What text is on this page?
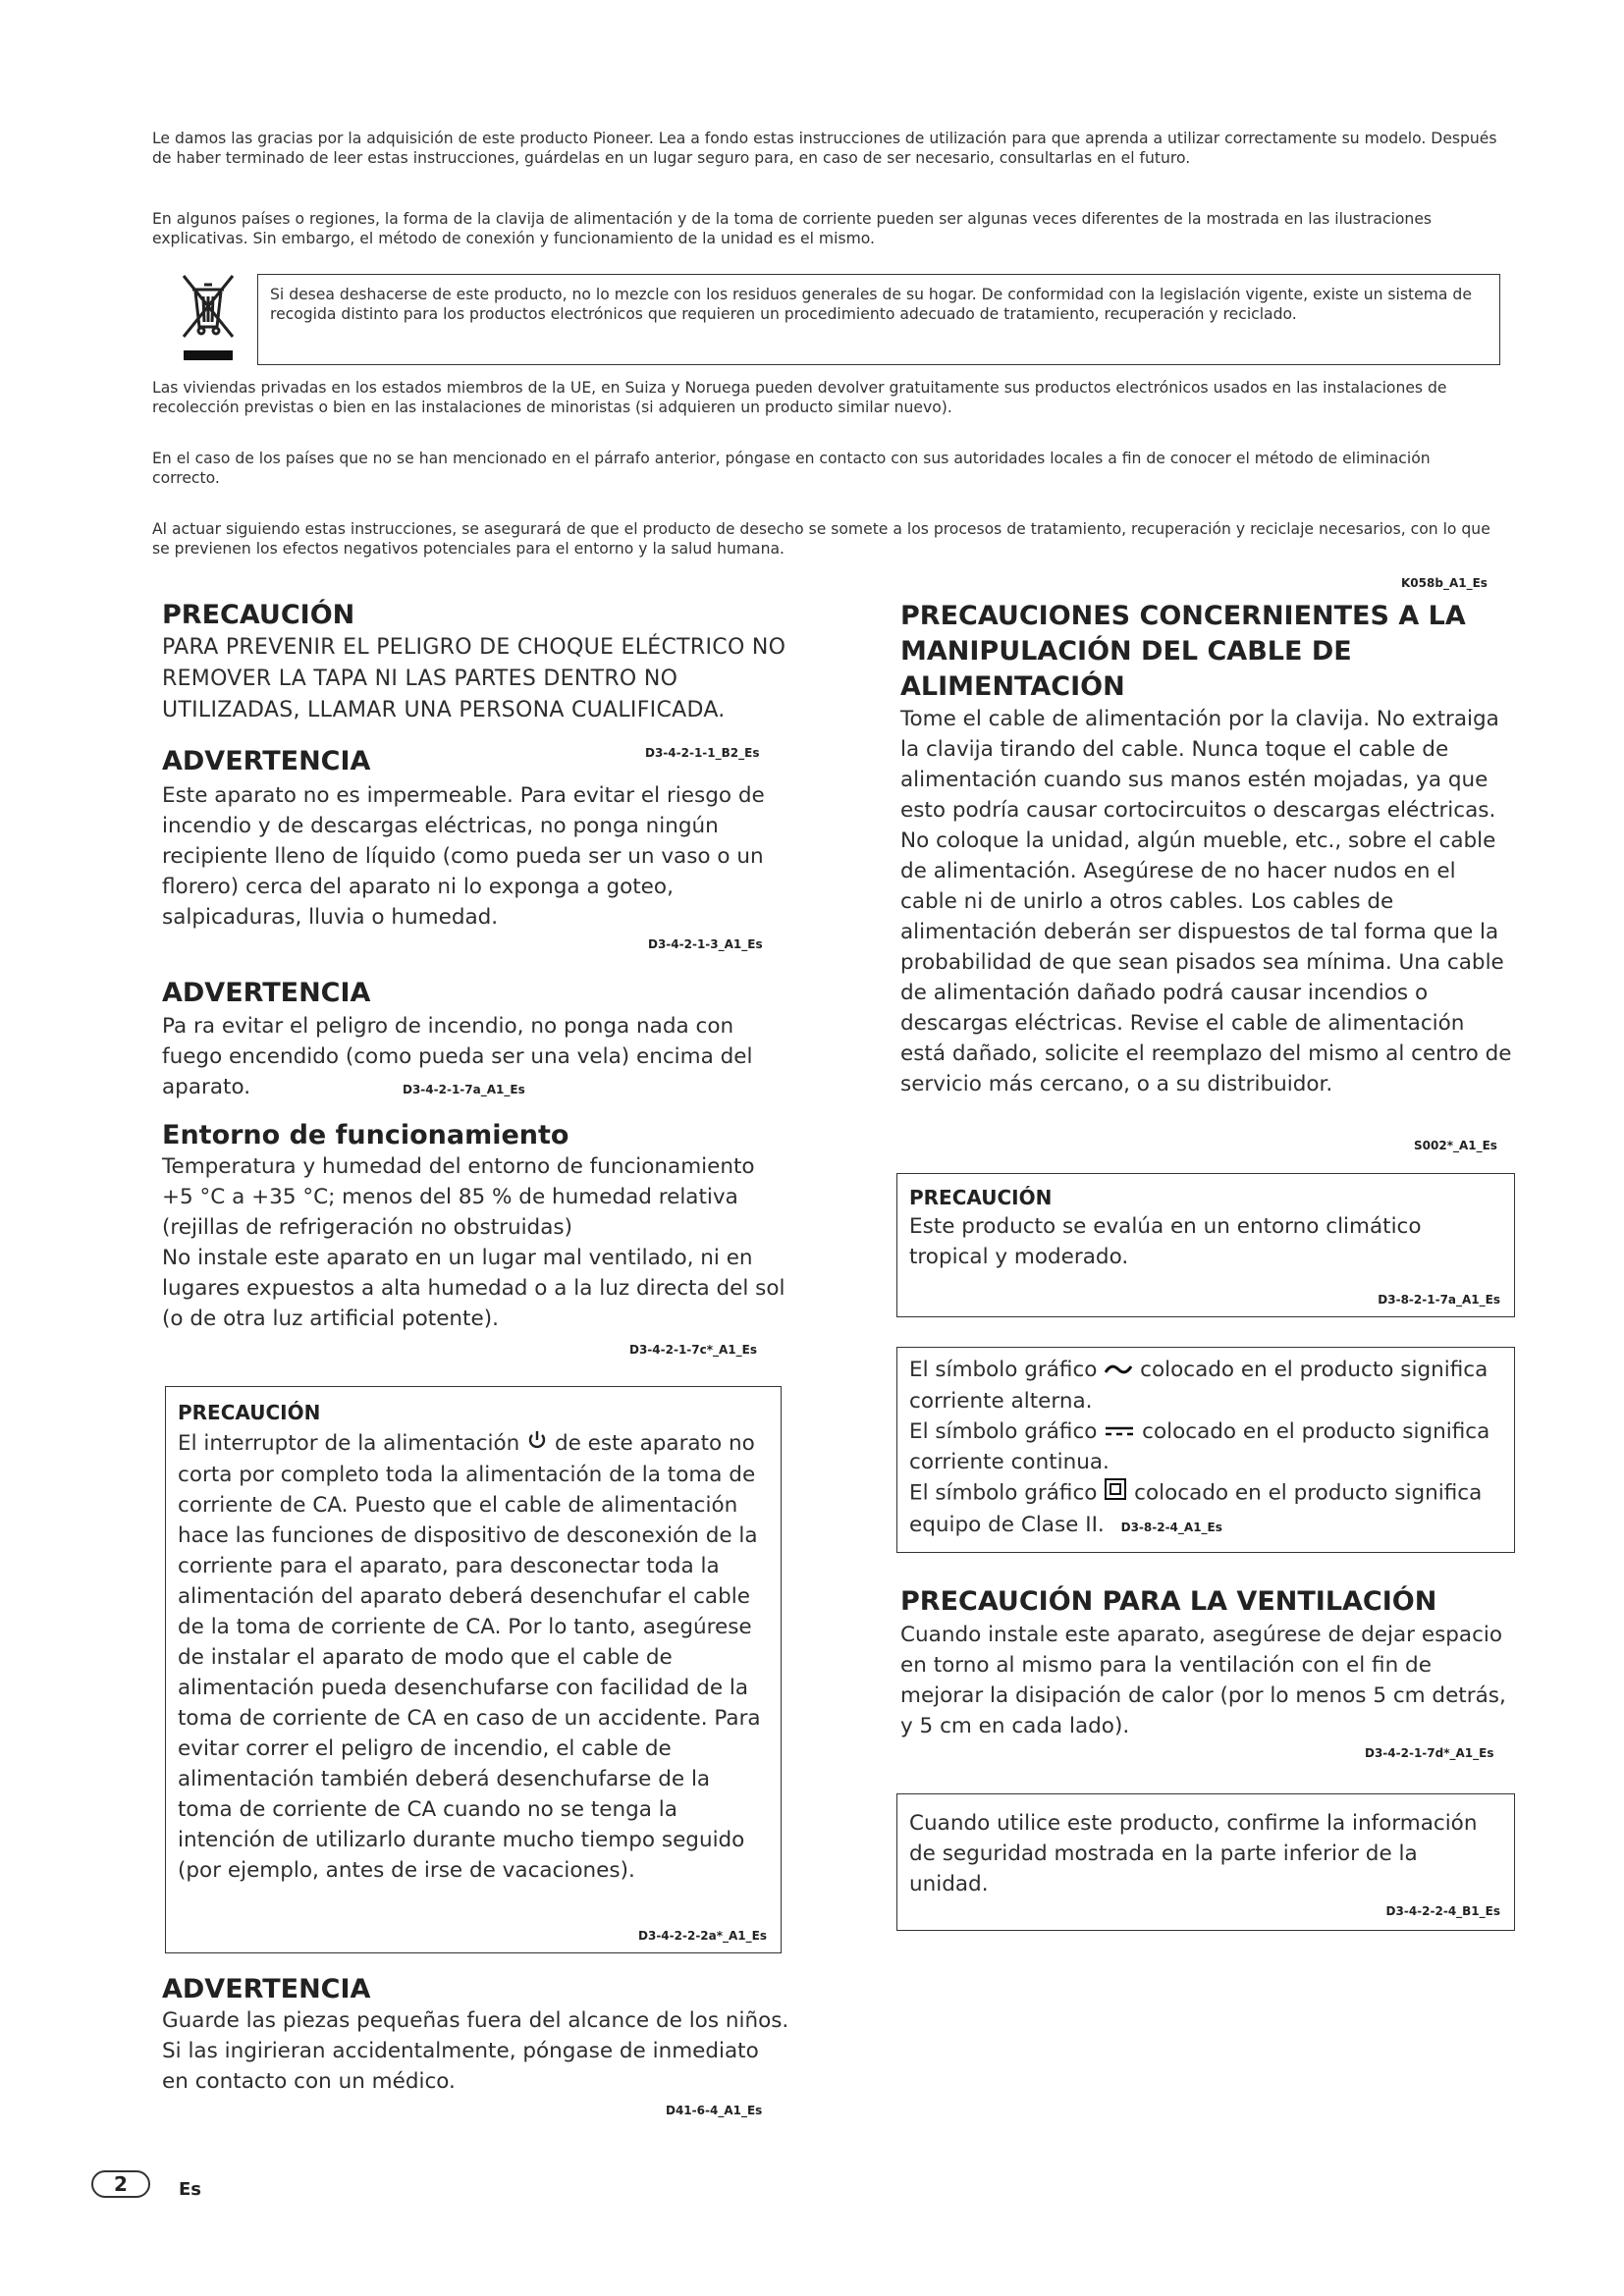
Le damos las gracias por la adquisición de este producto Pioneer. Lea a fondo estas instrucciones de utilización para que aprenda a utilizar correctamente su modelo. Después de haber terminado de leer estas instrucciones, guárdelas en un lugar seguro para, en caso de ser necesario, consultarlas en el futuro.

En algunos países o regiones, la forma de la clavija de alimentación y de la toma de corriente pueden ser algunas veces diferentes de la mostrada en las ilustraciones explicativas. Sin embargo, el método de conexión y funcionamiento de la unidad es el mismo.

Si desea deshacerse de este producto, no lo mezcle con los residuos generales de su hogar. De conformidad con la legislación vigente, existe un sistema de recogida distinto para los productos electrónicos que requieren un procedimiento adecuado de tratamiento, recuperación y reciclado.

Las viviendas privadas en los estados miembros de la UE, en Suiza y Noruega pueden devolver gratuitamente sus productos electrónicos usados en las instalaciones de recolección previstas o bien en las instalaciones de minoristas (si adquieren un producto similar nuevo).

En el caso de los países que no se han mencionado en el párrafo anterior, póngase en contacto con sus autoridades locales a fin de conocer el método de eliminación correcto.

Al actuar siguiendo estas instrucciones, se asegurará de que el producto de desecho se somete a los procesos de tratamiento, recuperación y reciclaje necesarios, con lo que se previenen los efectos negativos potenciales para el entorno y la salud humana.

K058b_A1_Es
PRECAUCIÓN

PARA PREVENIR EL PELIGRO DE CHOQUE ELÉCTRICO NO REMOVER LA TAPA NI LAS PARTES DENTRO NO UTILIZADAS, LLAMAR UNA PERSONA CUALIFICADA.

ADVERTENCIA	D3-4-2-1-1_B2_Es

Este aparato no es impermeable. Para evitar el riesgo de incendio y de descargas eléctricas, no ponga ningún recipiente lleno de líquido (como pueda ser un vaso o un florero) cerca del aparato ni lo exponga a goteo, salpicaduras, lluvia o humedad.

D3-4-2-1-3_A1_Es
ADVERTENCIA

Pa ra evitar el peligro de incendio, no ponga nada con fuego encendido (como pueda ser una vela) encima del aparato.	D3-4-2-1-7a_A1_Es
Entorno de funcionamiento

Temperatura y humedad del entorno de funcionamiento +5 °C a +35 °C; menos del 85 % de humedad relativa (rejillas de refrigeración no obstruidas)

No instale este aparato en un lugar mal ventilado, ni en lugares expuestos a alta humedad o a la luz directa del sol (o de otra luz artificial potente).

D3-4-2-1-7c*_A1_Es

PRECAUCIÓN

El interruptor de la alimentación de este aparato no corta por completo toda la alimentación de la toma de corriente de CA. Puesto que el cable de alimentación hace las funciones de dispositivo de desconexión de la corriente para el aparato, para desconectar toda la alimentación del aparato deberá desenchufar el cable de la toma de corriente de CA. Por lo tanto, asegúrese de instalar el aparato de modo que el cable de alimentación pueda desenchufarse con facilidad de la toma de corriente de CA en caso de un accidente. Para evitar correr el peligro de incendio, el cable de alimentación también deberá desenchufarse de la toma de corriente de CA cuando no se tenga la intención de utilizarlo durante mucho tiempo seguido (por ejemplo, antes de irse de vacaciones).

D3-4-2-2-2a*_A1_Es
ADVERTENCIA

Guarde las piezas pequeñas fuera del alcance de los niños. Si las ingirieran accidentalmente, póngase de inmediato en contacto con un médico.

D41-6-4_A1_Es
PRECAUCIONES CONCERNIENTES A LA MANIPULACIÓN DEL CABLE DE ALIMENTACIÓN

Tome el cable de alimentación por la clavija. No extraiga la clavija tirando del cable. Nunca toque el cable de alimentación cuando sus manos estén mojadas, ya que esto podría causar cortocircuitos o descargas eléctricas. No coloque la unidad, algún mueble, etc., sobre el cable de alimentación. Asegúrese de no hacer nudos en el cable ni de unirlo a otros cables. Los cables de alimentación deberán ser dispuestos de tal forma que la probabilidad de que sean pisados sea mínima. Una cable de alimentación dañado podrá causar incendios o descargas eléctricas. Revise el cable de alimentación está dañado, solicite el reemplazo del mismo al centro de servicio más cercano, o a su distribuidor.

S002*_A1_Es

PRECAUCIÓN

Este producto se evalúa en un entorno climático tropical y moderado.

D3-8-2-1-7a_A1_Es

El símbolo gráfico colocado en el producto significa corriente alterna.
El símbolo gráfico colocado en el producto significa corriente continua.
El símbolo gráfico colocado en el producto significa equipo de Clase II. D3-8-2-4_A1_Es

PRECAUCIÓN PARA LA VENTILACIÓN

Cuando instale este aparato, asegúrese de dejar espacio en torno al mismo para la ventilación con el fin de mejorar la disipación de calor (por lo menos 5 cm detrás, y 5 cm en cada lado).

D3-4-2-1-7d*_A1_Es

Cuando utilice este producto, confirme la información de seguridad mostrada en la parte inferior de la unidad.

D3-4-2-2-4_B1_Es
2	Es
